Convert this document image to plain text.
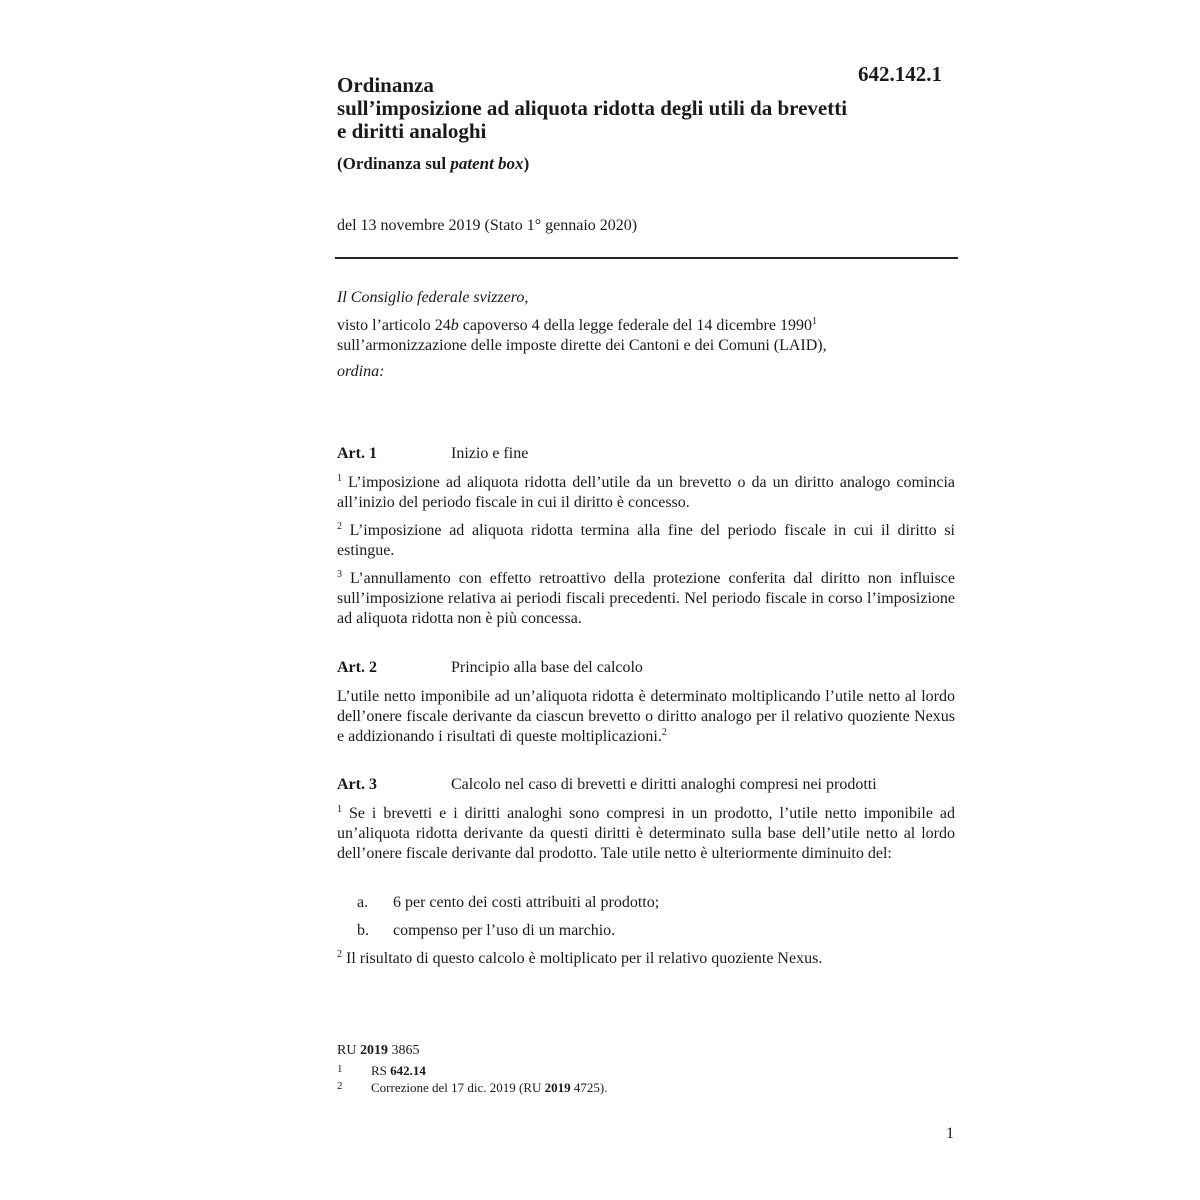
642.142.1
Ordinanza
sull’imposizione ad aliquota ridotta degli utili da brevetti
e diritti analoghi
(Ordinanza sul patent box)
del 13 novembre 2019 (Stato 1° gennaio 2020)
Il Consiglio federale svizzero,
visto l’articolo 24b capoverso 4 della legge federale del 14 dicembre 1990$^1$
sull’armonizzazione delle imposte dirette dei Cantoni e dei Comuni (LAID),
ordina:
Art. 1	Inizio e fine
$^1$ L’imposizione ad aliquota ridotta dell’utile da un brevetto o da un diritto analogo comincia all’inizio del periodo fiscale in cui il diritto è concesso.
$^2$ L’imposizione ad aliquota ridotta termina alla fine del periodo fiscale in cui il diritto si estingue.
$^3$ L’annullamento con effetto retroattivo della protezione conferita dal diritto non influisce sull’imposizione relativa ai periodi fiscali precedenti. Nel periodo fiscale in corso l’imposizione ad aliquota ridotta non è più concessa.
Art. 2	Principio alla base del calcolo
L’utile netto imponibile ad un’aliquota ridotta è determinato moltiplicando l’utile netto al lordo dell’onere fiscale derivante da ciascun brevetto o diritto analogo per il relativo quoziente Nexus e addizionando i risultati di queste moltiplicazioni.$^2$
Art. 3	Calcolo nel caso di brevetti e diritti analoghi compresi nei prodotti
$^1$ Se i brevetti e i diritti analoghi sono compresi in un prodotto, l’utile netto imponibile ad un’aliquota ridotta derivante da questi diritti è determinato sulla base dell’utile netto al lordo dell’onere fiscale derivante dal prodotto. Tale utile netto è ulteriormente diminuito del:
a. 6 per cento dei costi attribuiti al prodotto;
b. compenso per l’uso di un marchio.
$^2$ Il risultato di questo calcolo è moltiplicato per il relativo quoziente Nexus.
RU 2019 3865
1 RS 642.14
2 Correzione del 17 dic. 2019 (RU 2019 4725).
1
